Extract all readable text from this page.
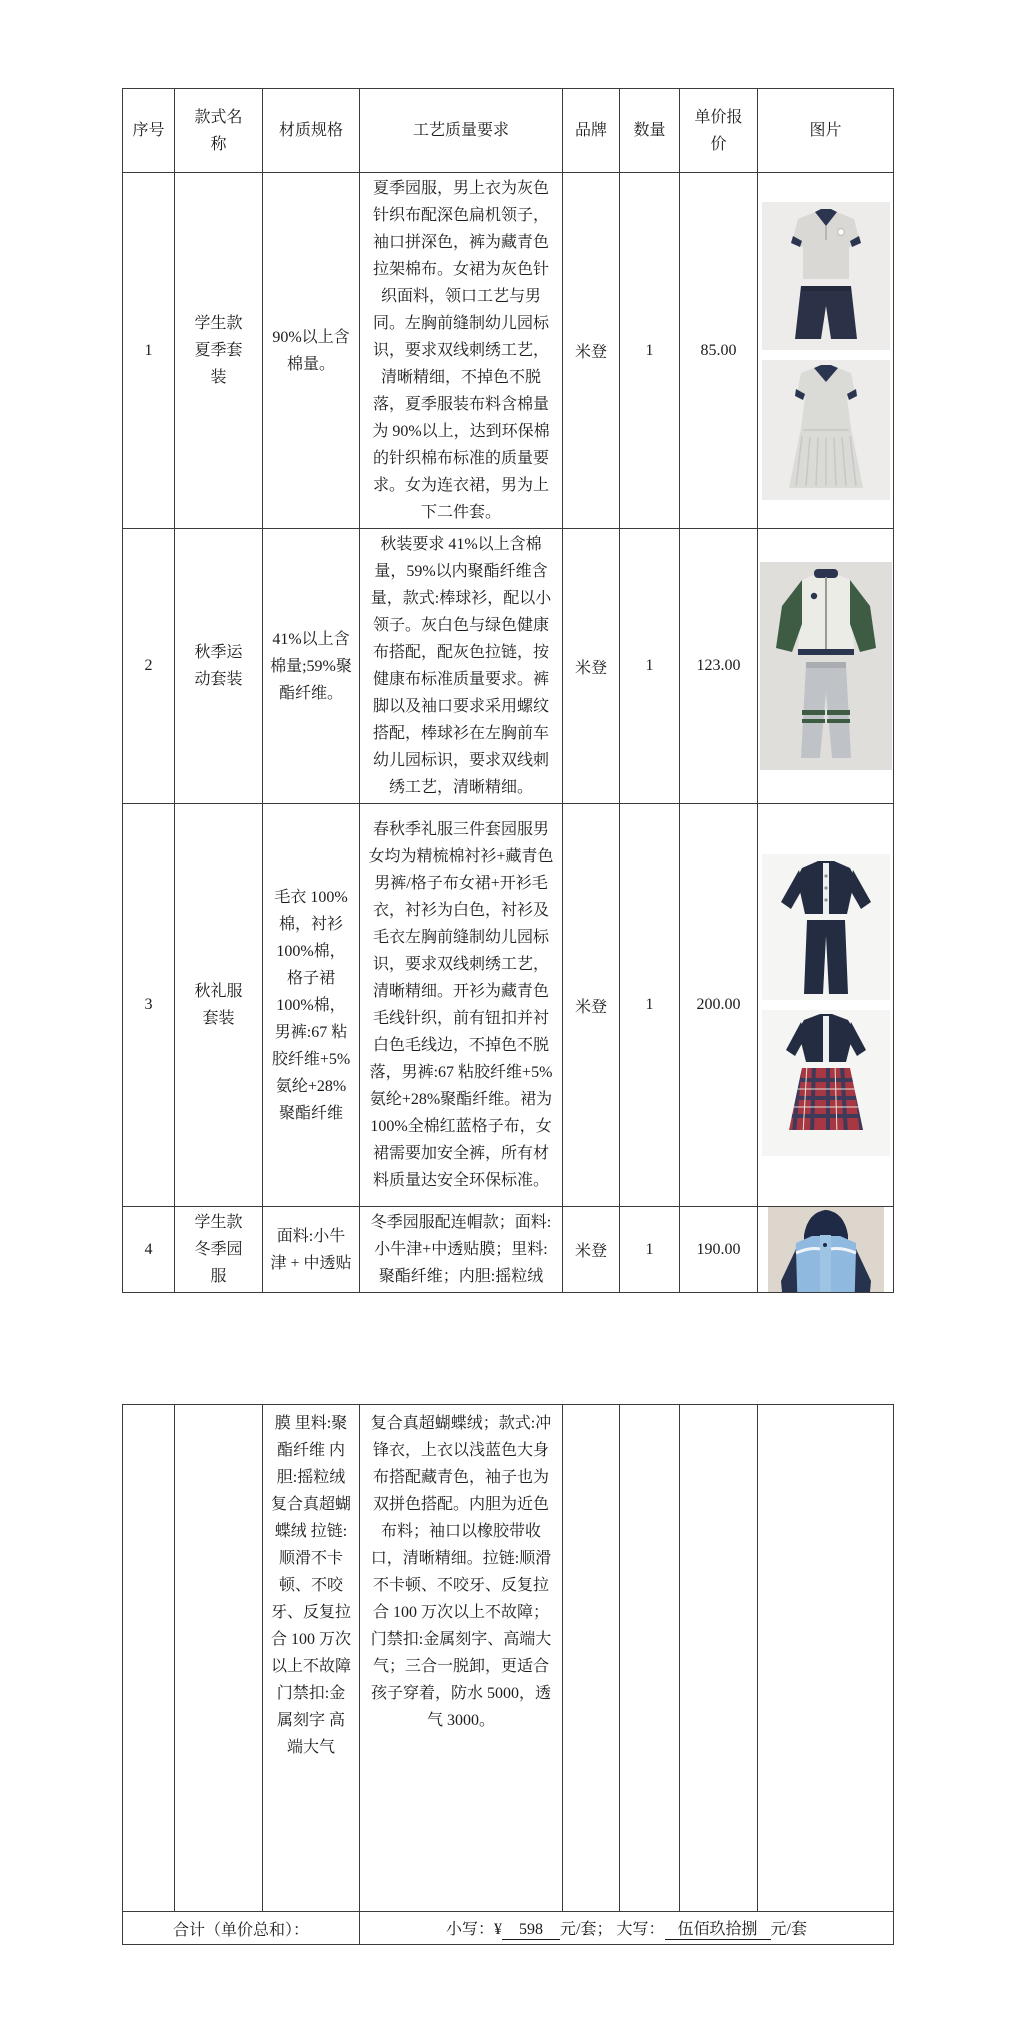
序号	款式名称	材质规格	工艺质量要求	品牌	数量	单价报价	图片
1	学生款夏季套装	90%以上含棉量。	夏季园服，男上衣为灰色针织布配深色扁机领子，袖口拼深色，裤为藏青色拉架棉布。女裙为灰色针织面料，领口工艺与男同。左胸前缝制幼儿园标识，要求双线刺绣工艺，清晰精细，不掉色不脱落，夏季服装布料含棉量为 90%以上，达到环保棉的针织棉布标准的质量要求。女为连衣裙，男为上下二件套。	米登	1	85.00	

2	秋季运动套装	41%以上含棉量;59%聚酯纤维。	秋装要求 41%以上含棉量，59%以内聚酯纤维含量，款式:棒球衫，配以小领子。灰白色与绿色健康布搭配，配灰色拉链，按健康布标准质量要求。裤脚以及袖口要求采用螺纹搭配，棒球衫在左胸前车幼儿园标识，要求双线刺绣工艺，清晰精细。	米登	1	123.00	

3	秋礼服套装	毛衣 100%棉，衬衫 100%棉，格子裙 100%棉，男裤:67 粘胶纤维+5%氨纶+28%聚酯纤维	春秋季礼服三件套园服男女均为精梳棉衬衫+藏青色男裤/格子布女裙+开衫毛衣，衬衫为白色，衬衫及毛衣左胸前缝制幼儿园标识，要求双线刺绣工艺，清晰精细。开衫为藏青色毛线针织，前有钮扣并衬白色毛线边，不掉色不脱落，男裤:67 粘胶纤维+5%氨纶+28%聚酯纤维。裙为 100%全棉红蓝格子布，女裙需要加安全裤，所有材料质量达安全环保标准。	米登	1	200.00	

4	学生款冬季园服	面料:小牛津 + 中透贴	冬季园服配连帽款；面料:小牛津+中透贴膜；里料:聚酯纤维；内胆:摇粒绒	米登	1	190.00	
		膜 里料:聚酯纤维 内胆:摇粒绒复合真超蝴蝶绒 拉链:顺滑不卡顿、不咬牙、反复拉合 100 万次以上不故障 门禁扣:金属刻字 高端大气	复合真超蝴蝶绒；款式:冲锋衣，上衣以浅蓝色大身布搭配藏青色，袖子也为双拼色搭配。内胆为近色布料；袖口以橡胶带收口，清晰精细。拉链:顺滑不卡顿、不咬牙、反复拉合 100 万次以上不故障；门禁扣:金属刻字、高端大气；三合一脱卸，更适合孩子穿着，防水 5000，透气 3000。				
合计（单价总和）：			小写：¥ 598 元/套； 大写： 伍佰玖拾捌 元/套				
